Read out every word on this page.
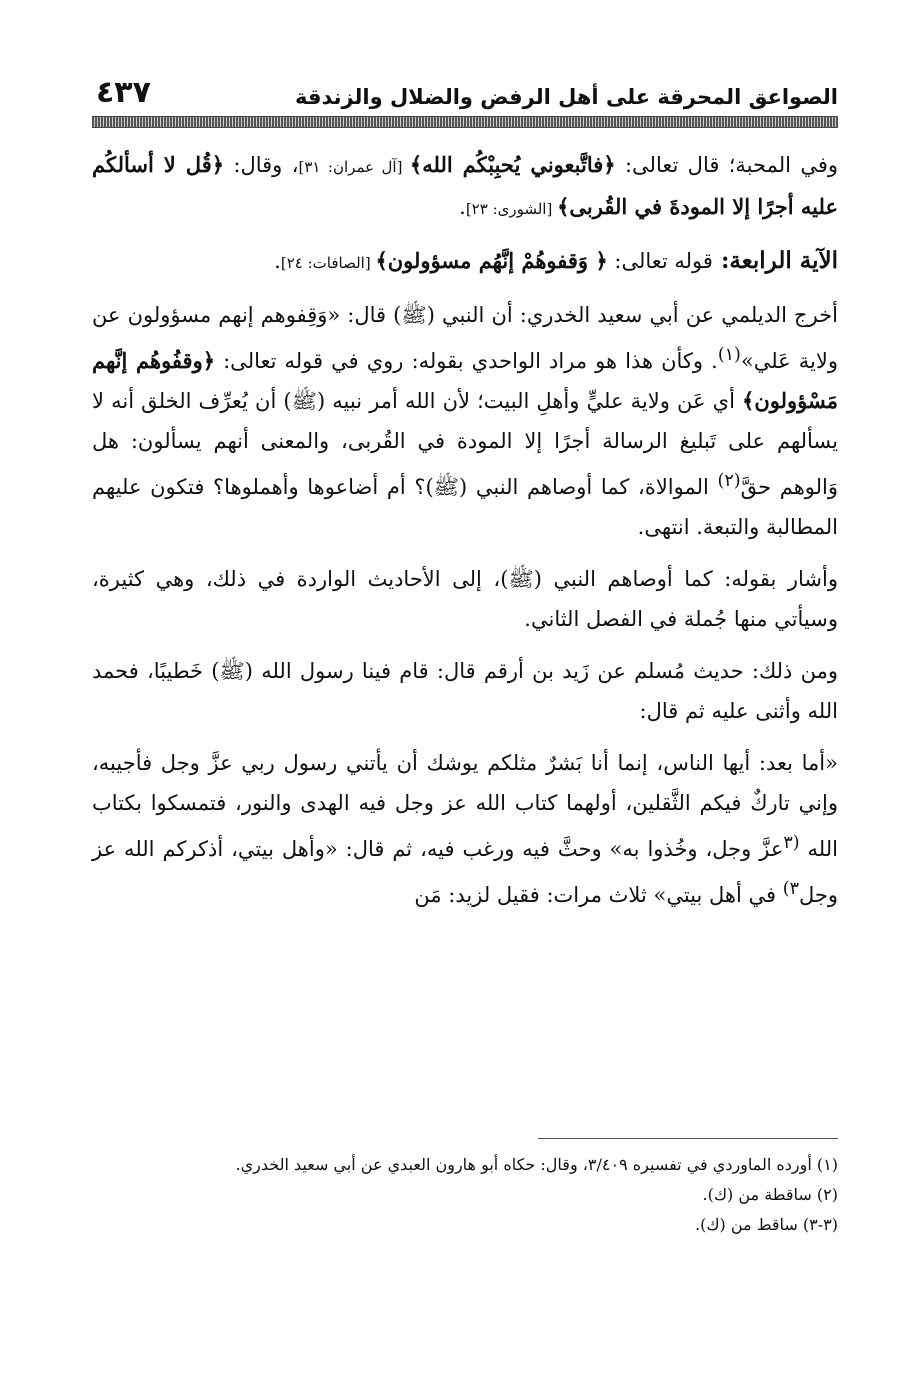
الصواعق المحرقة على أهل الرفض والضلال والزندقة
٤٣٧

وفي المحبة؛ قال تعالى: ﴿فاتَّبعوني يُحبِبْكُم الله﴾ [آل عمران: ٣١]، وقال: ﴿قُل لا أسألكُم عليه أجرًا إلا المودةَ في القُربى﴾ [الشورى: ٢٣].

الآية الرابعة: قوله تعالى: ﴿ وَقفوهُمْ إنَّهُم مسؤولون﴾ [الصافات: ٢٤].

أخرج الديلمي عن أبي سعيد الخدري: أن النبي (ﷺ) قال: «وَقِفوهم إنهم مسؤولون عن ولاية عَلي»$^{(١)}$. وكأن هذا هو مراد الواحدي بقوله: روي في قوله تعالى: ﴿وقفُوهُم إنَّهم مَسْؤولون﴾ أي عَن ولاية عليٍّ وأهلِ البيت؛ لأن الله أمر نبيه (ﷺ) أن يُعرِّف الخلق أنه لا يسألهم على تَبليغ الرسالة أجرًا إلا المودة في القُربى، والمعنى أنهم يسألون: هل وَالوهم حقَّ$^{(٢)}$ الموالاة، كما أوصاهم النبي (ﷺ)؟ أم أضاعوها وأهملوها؟ فتكون عليهم المطالبة والتبعة. انتهى.

وأشار بقوله: كما أوصاهم النبي (ﷺ)، إلى الأحاديث الواردة في ذلك، وهي كثيرة، وسيأتي منها جُملة في الفصل الثاني.

ومن ذلك: حديث مُسلم عن زَيد بن أرقم قال: قام فينا رسول الله (ﷺ) خَطيبًا، فحمد الله وأثنى عليه ثم قال:

«أما بعد: أيها الناس، إنما أنا بَشرٌ مثلكم يوشك أن يأتني رسول ربي عزَّ وجل فأجيبه، وإني تاركٌ فيكم الثَّقلين، أولهما كتاب الله عز وجل فيه الهدى والنور، فتمسكوا بكتاب الله $^{(٣}$عزَّ وجل، وخُذوا به» وحثَّ فيه ورغب فيه، ثم قال: «وأهل بيتي، أذكركم الله عز وجل$^{٣)}$ في أهل بيتي» ثلاث مرات: فقيل لزيد: مَن

(١) أورده الماوردي في تفسيره ٣/٤٠٩، وقال: حكاه أبو هارون العبدي عن أبي سعيد الخدري.
(٢) ساقطة من (ك).
(٣-٣) ساقط من (ك).
